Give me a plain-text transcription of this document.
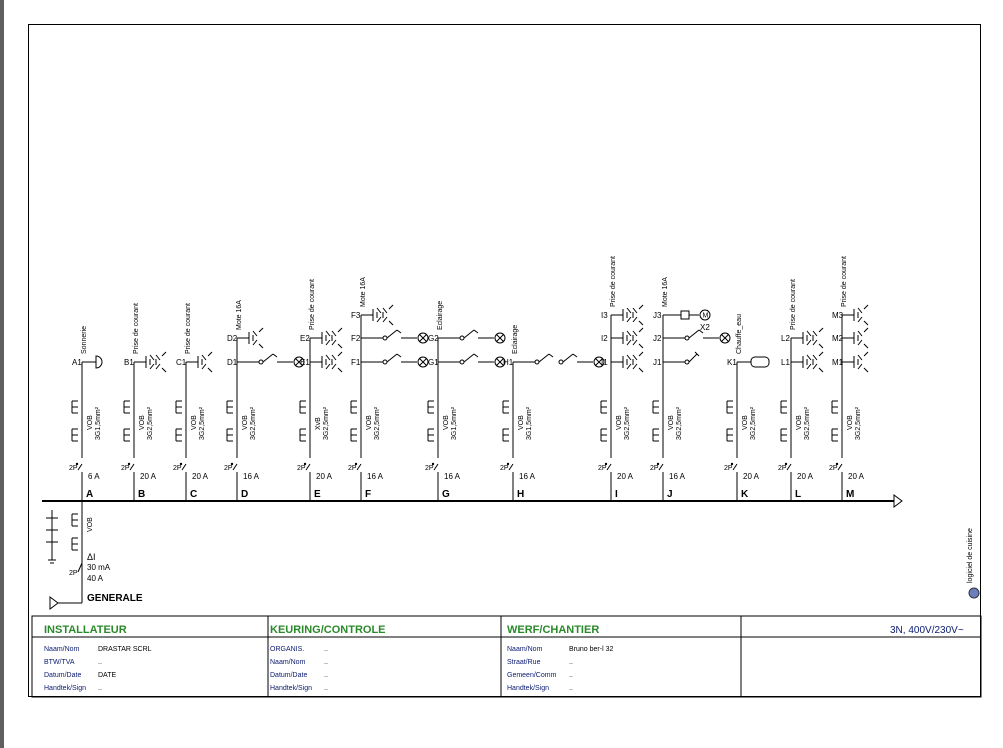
2P
6 A
A
VOB 3G1,5mm²
A1
Sonnerie
2P
20 A
B
VOB 3G2,5mm²
B1
Prise de courant
2P
20 A
C
VOB 3G2,5mm²
C1
Prise de courant
2P
16 A
D
VOB 3G2,5mm²
D1
D2
Mote 16A
2P
20 A
E
XvB 3G2,5mm²
E1
E2
Prise de courant
2P
16 A
F
VOB 3G2,5mm²
F1
F2
F3
Mote 16A
2P
16 A
G
VOB 3G1,5mm²
G1
G2
Eclairage
2P
16 A
H
VOB 3G1,5mm²
H1
Eclairage
2P
20 A
I
VOB 3G2,5mm²
I1
I2
I3
Prise de courant
2P
16 A
J
VOB 3G2,5mm²
J1
J2
J3	M
X2
Mote 16A
2P
20 A
K
VOB 3G2,5mm²
K1
Chauffe_eau
2P
20 A
L
VOB 3G2,5mm²
L1
L2
Prise de courant
2P
20 A
M
VOB 3G2,5mm²
M1
M2
M3
Prise de courant
VOB
ΔI
2P
30 mA
40 A
GENERALE
logiciel de cuisine
INSTALLATEUR
Naam/Nom	DRASTAR SCRL
BTW/TVA	..
Datum/Date DATE
Handtek/Sign ..
KEURING/CONTROLE
ORGANIS.	..
Naam/Nom	..
Datum/Date ..
Handtek/Sign ..
WERF/CHANTIER
Naam/Nom	Bruno ber-l 32
Straat/Rue	..
Gemeen/Comm ..
Handtek/Sign	..
3N, 400V/230V~
